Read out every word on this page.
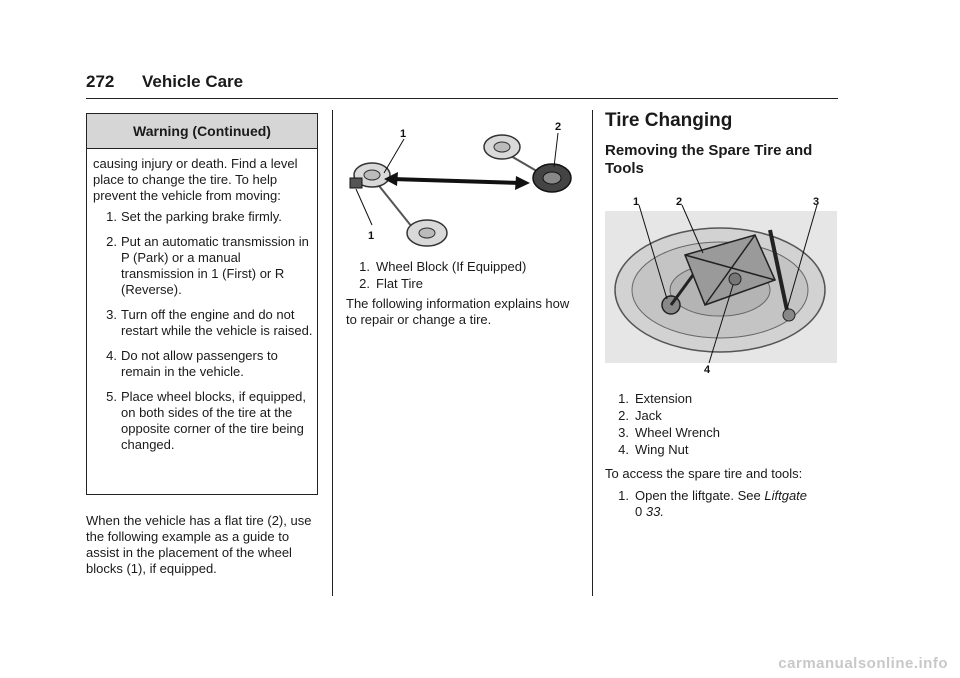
272 Vehicle Care
Warning (Continued)

causing injury or death. Find a level place to change the tire. To help prevent the vehicle from moving:

1. Set the parking brake firmly.
2. Put an automatic transmission in P (Park) or a manual transmission in 1 (First) or R (Reverse).
3. Turn off the engine and do not restart while the vehicle is raised.
4. Do not allow passengers to remain in the vehicle.
5. Place wheel blocks, if equipped, on both sides of the tire at the opposite corner of the tire being changed.
When the vehicle has a flat tire (2), use the following example as a guide to assist in the placement of the wheel blocks (1), if equipped.
1
2
1
1. Wheel Block (If Equipped)
2. Flat Tire
The following information explains how to repair or change a tire.
Tire Changing
Removing the Spare Tire and Tools
1	2	3
4
1. Extension
2. Jack
3. Wheel Wrench
4. Wing Nut
To access the spare tire and tools:
1. Open the liftgate. See Liftgate
0 33.
carmanualsonline.info
